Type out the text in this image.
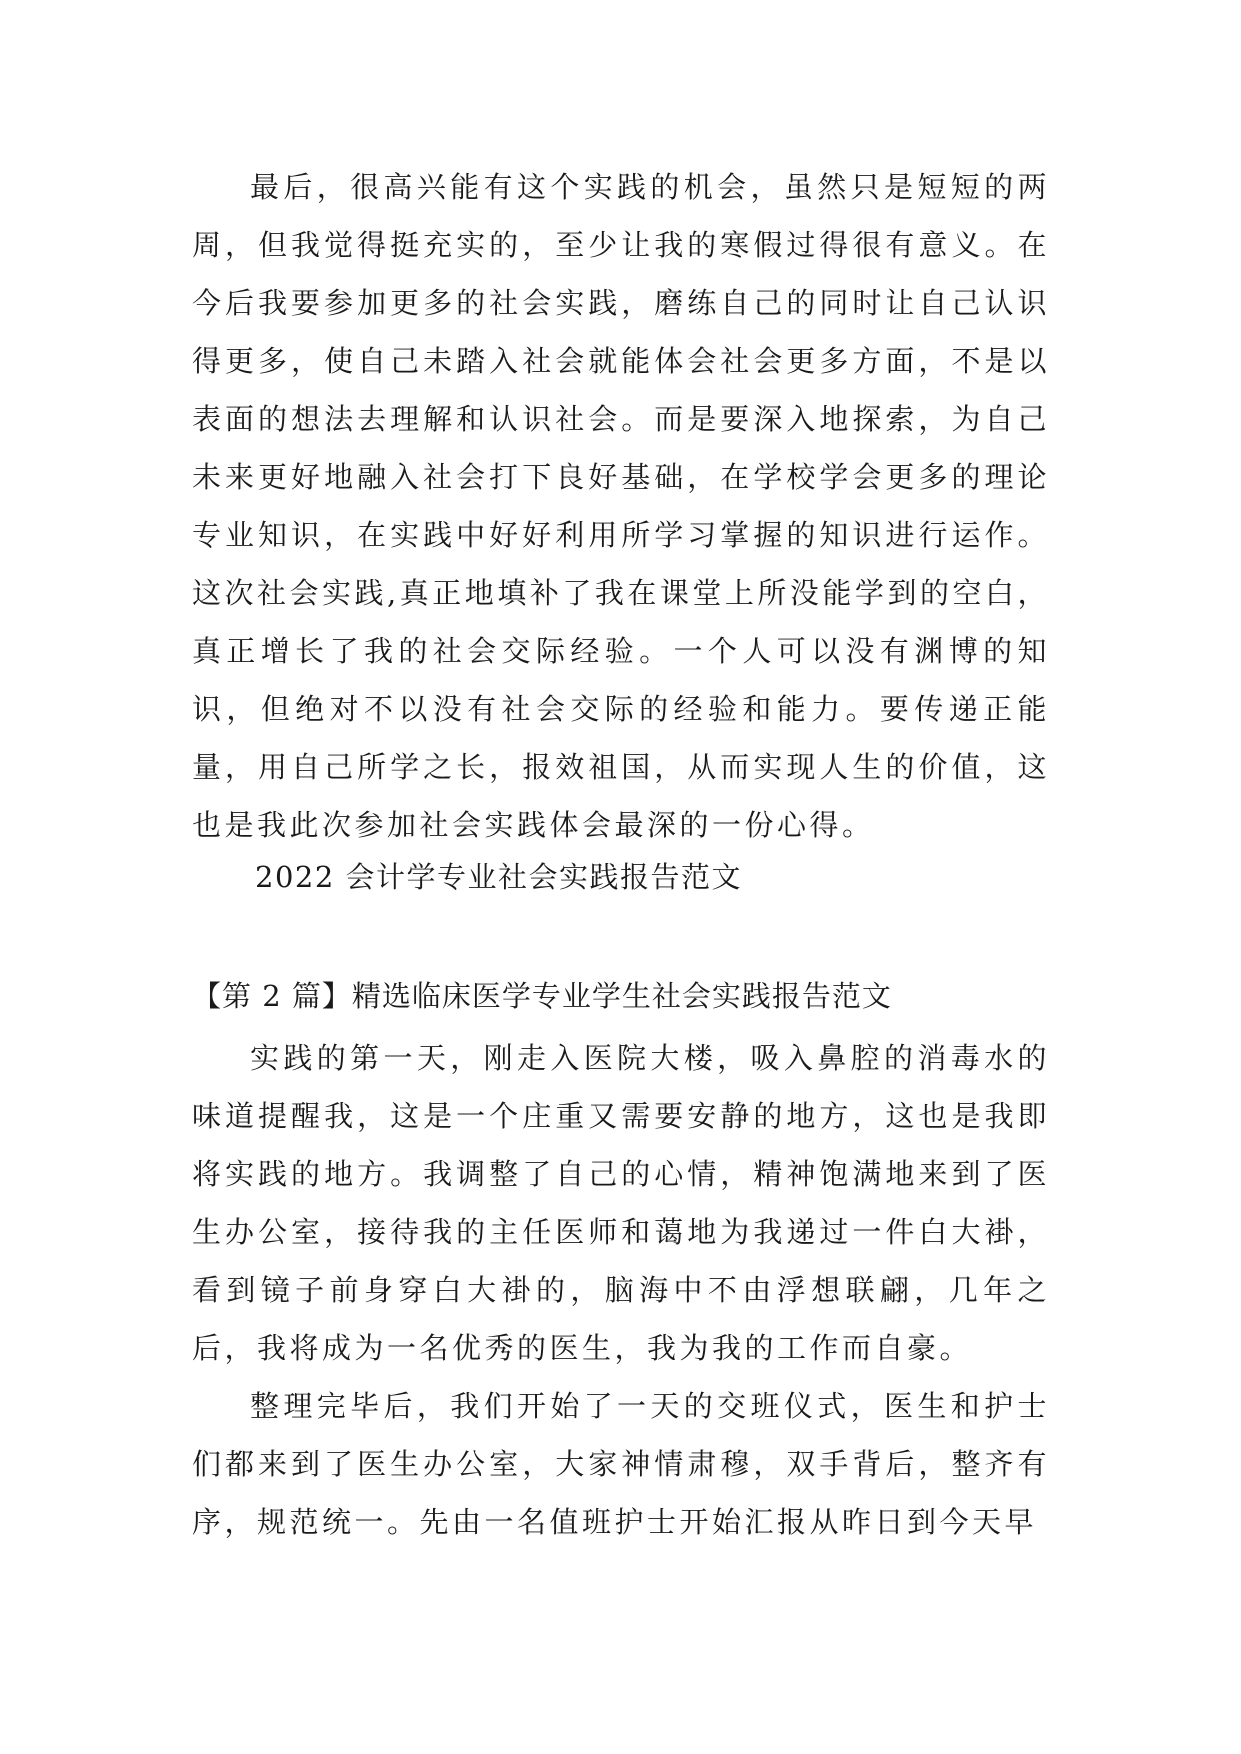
最后，很高兴能有这个实践的机会，虽然只是短短的两周，但我觉得挺充实的，至少让我的寒假过得很有意义。在今后我要参加更多的社会实践，磨练自己的同时让自己认识得更多，使自己未踏入社会就能体会社会更多方面，不是以表面的想法去理解和认识社会。而是要深入地探索，为自己未来更好地融入社会打下良好基础，在学校学会更多的理论专业知识，在实践中好好利用所学习掌握的知识进行运作。这次社会实践,真正地填补了我在课堂上所没能学到的空白，真正增长了我的社会交际经验。一个人可以没有渊博的知识，但绝对不以没有社会交际的经验和能力。要传递正能量，用自己所学之长，报效祖国，从而实现人生的价值，这也是我此次参加社会实践体会最深的一份心得。

2022 会计学专业社会实践报告范文
【第 2 篇】精选临床医学专业学生社会实践报告范文

实践的第一天，刚走入医院大楼，吸入鼻腔的消毒水的味道提醒我，这是一个庄重又需要安静的地方，这也是我即将实践的地方。我调整了自己的心情，精神饱满地来到了医生办公室，接待我的主任医师和蔼地为我递过一件白大褂，看到镜子前身穿白大褂的，脑海中不由浮想联翩，几年之后，我将成为一名优秀的医生，我为我的工作而自豪。

整理完毕后，我们开始了一天的交班仪式，医生和护士们都来到了医生办公室，大家神情肃穆，双手背后，整齐有序，规范统一。先由一名值班护士开始汇报从昨日到今天早
